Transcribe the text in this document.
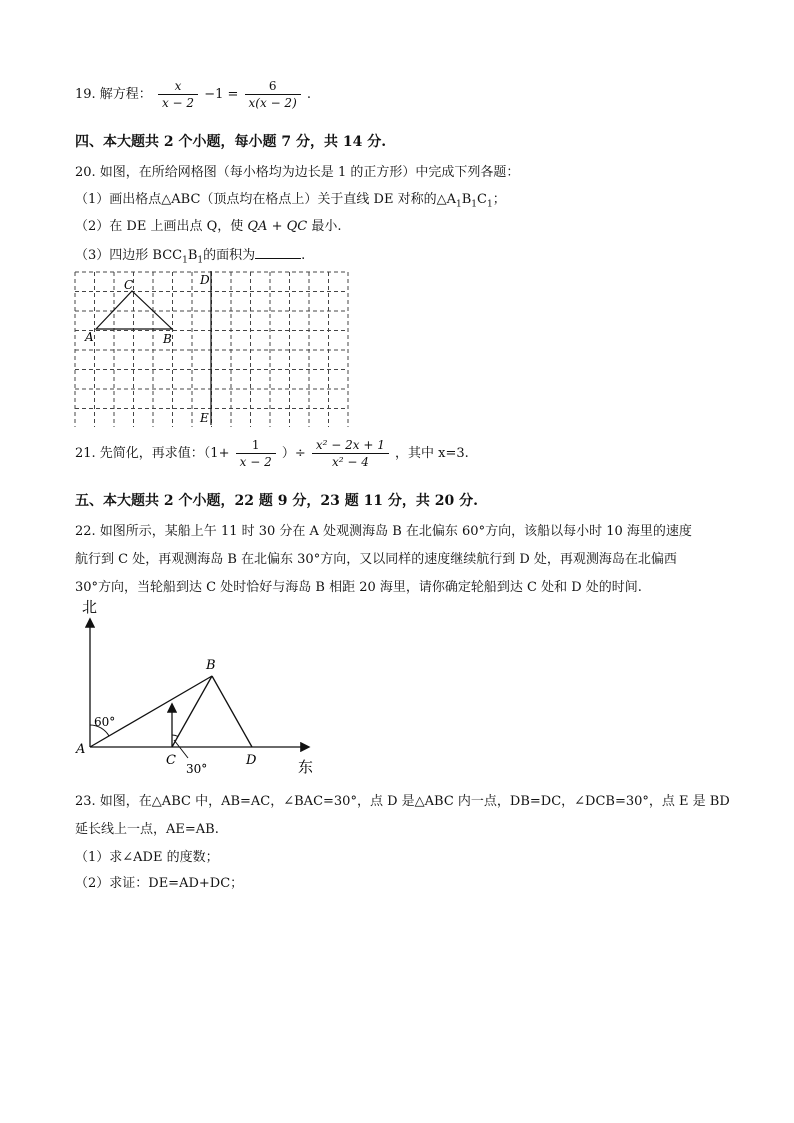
19. 解方程： $\frac{x}{x - 2} -1 = \frac{6}{x(x - 2)}$ .
四、本大题共 2 个小题，每小题 7 分，共 14 分.
20. 如图，在所给网格图（每小格均为边长是 1 的正方形）中完成下列各题：
（1）画出格点△ABC（顶点均在格点上）关于直线 DE 对称的$\triangle A_1B_1C_1$；
（2）在 DE 上画出点 Q，使 QA + QC 最小.
（3）四边形 $BCC_1B_1$的面积为	.
A	B
C	D
E
21. 先简化，再求值：（$1+ \frac{1}{x - 2}$ ）÷ $\frac{\text{x² − 2x + 1}}{\text{x² − 4}}$ ，其中 x=3.
五、本大题共 2 个小题，22 题 9 分，23 题 11 分，共 20 分.
22. 如图所示，某船上午 11 时 30 分在 A 处观测海岛 B 在北偏东 60°方向，该船以每小时 10 海里的速度
航行到 C 处，再观测海岛 B 在北偏东 30°方向，又以同样的速度继续航行到 D 处，再观测海岛在北偏西
30°方向，当轮船到达 C 处时恰好与海岛 B 相距 20 海里，请你确定轮船到达 C 处和 D 处的时间.
北
东
A
B
C	D
60°
30°
23. 如图，在△ABC 中，AB=AC，∠BAC=30°，点 D 是△ABC 内一点，DB=DC，∠DCB=30°，点 E 是 BD
延长线上一点，AE=AB.
（1）求∠ADE 的度数；
（2）求证：DE=AD+DC；
